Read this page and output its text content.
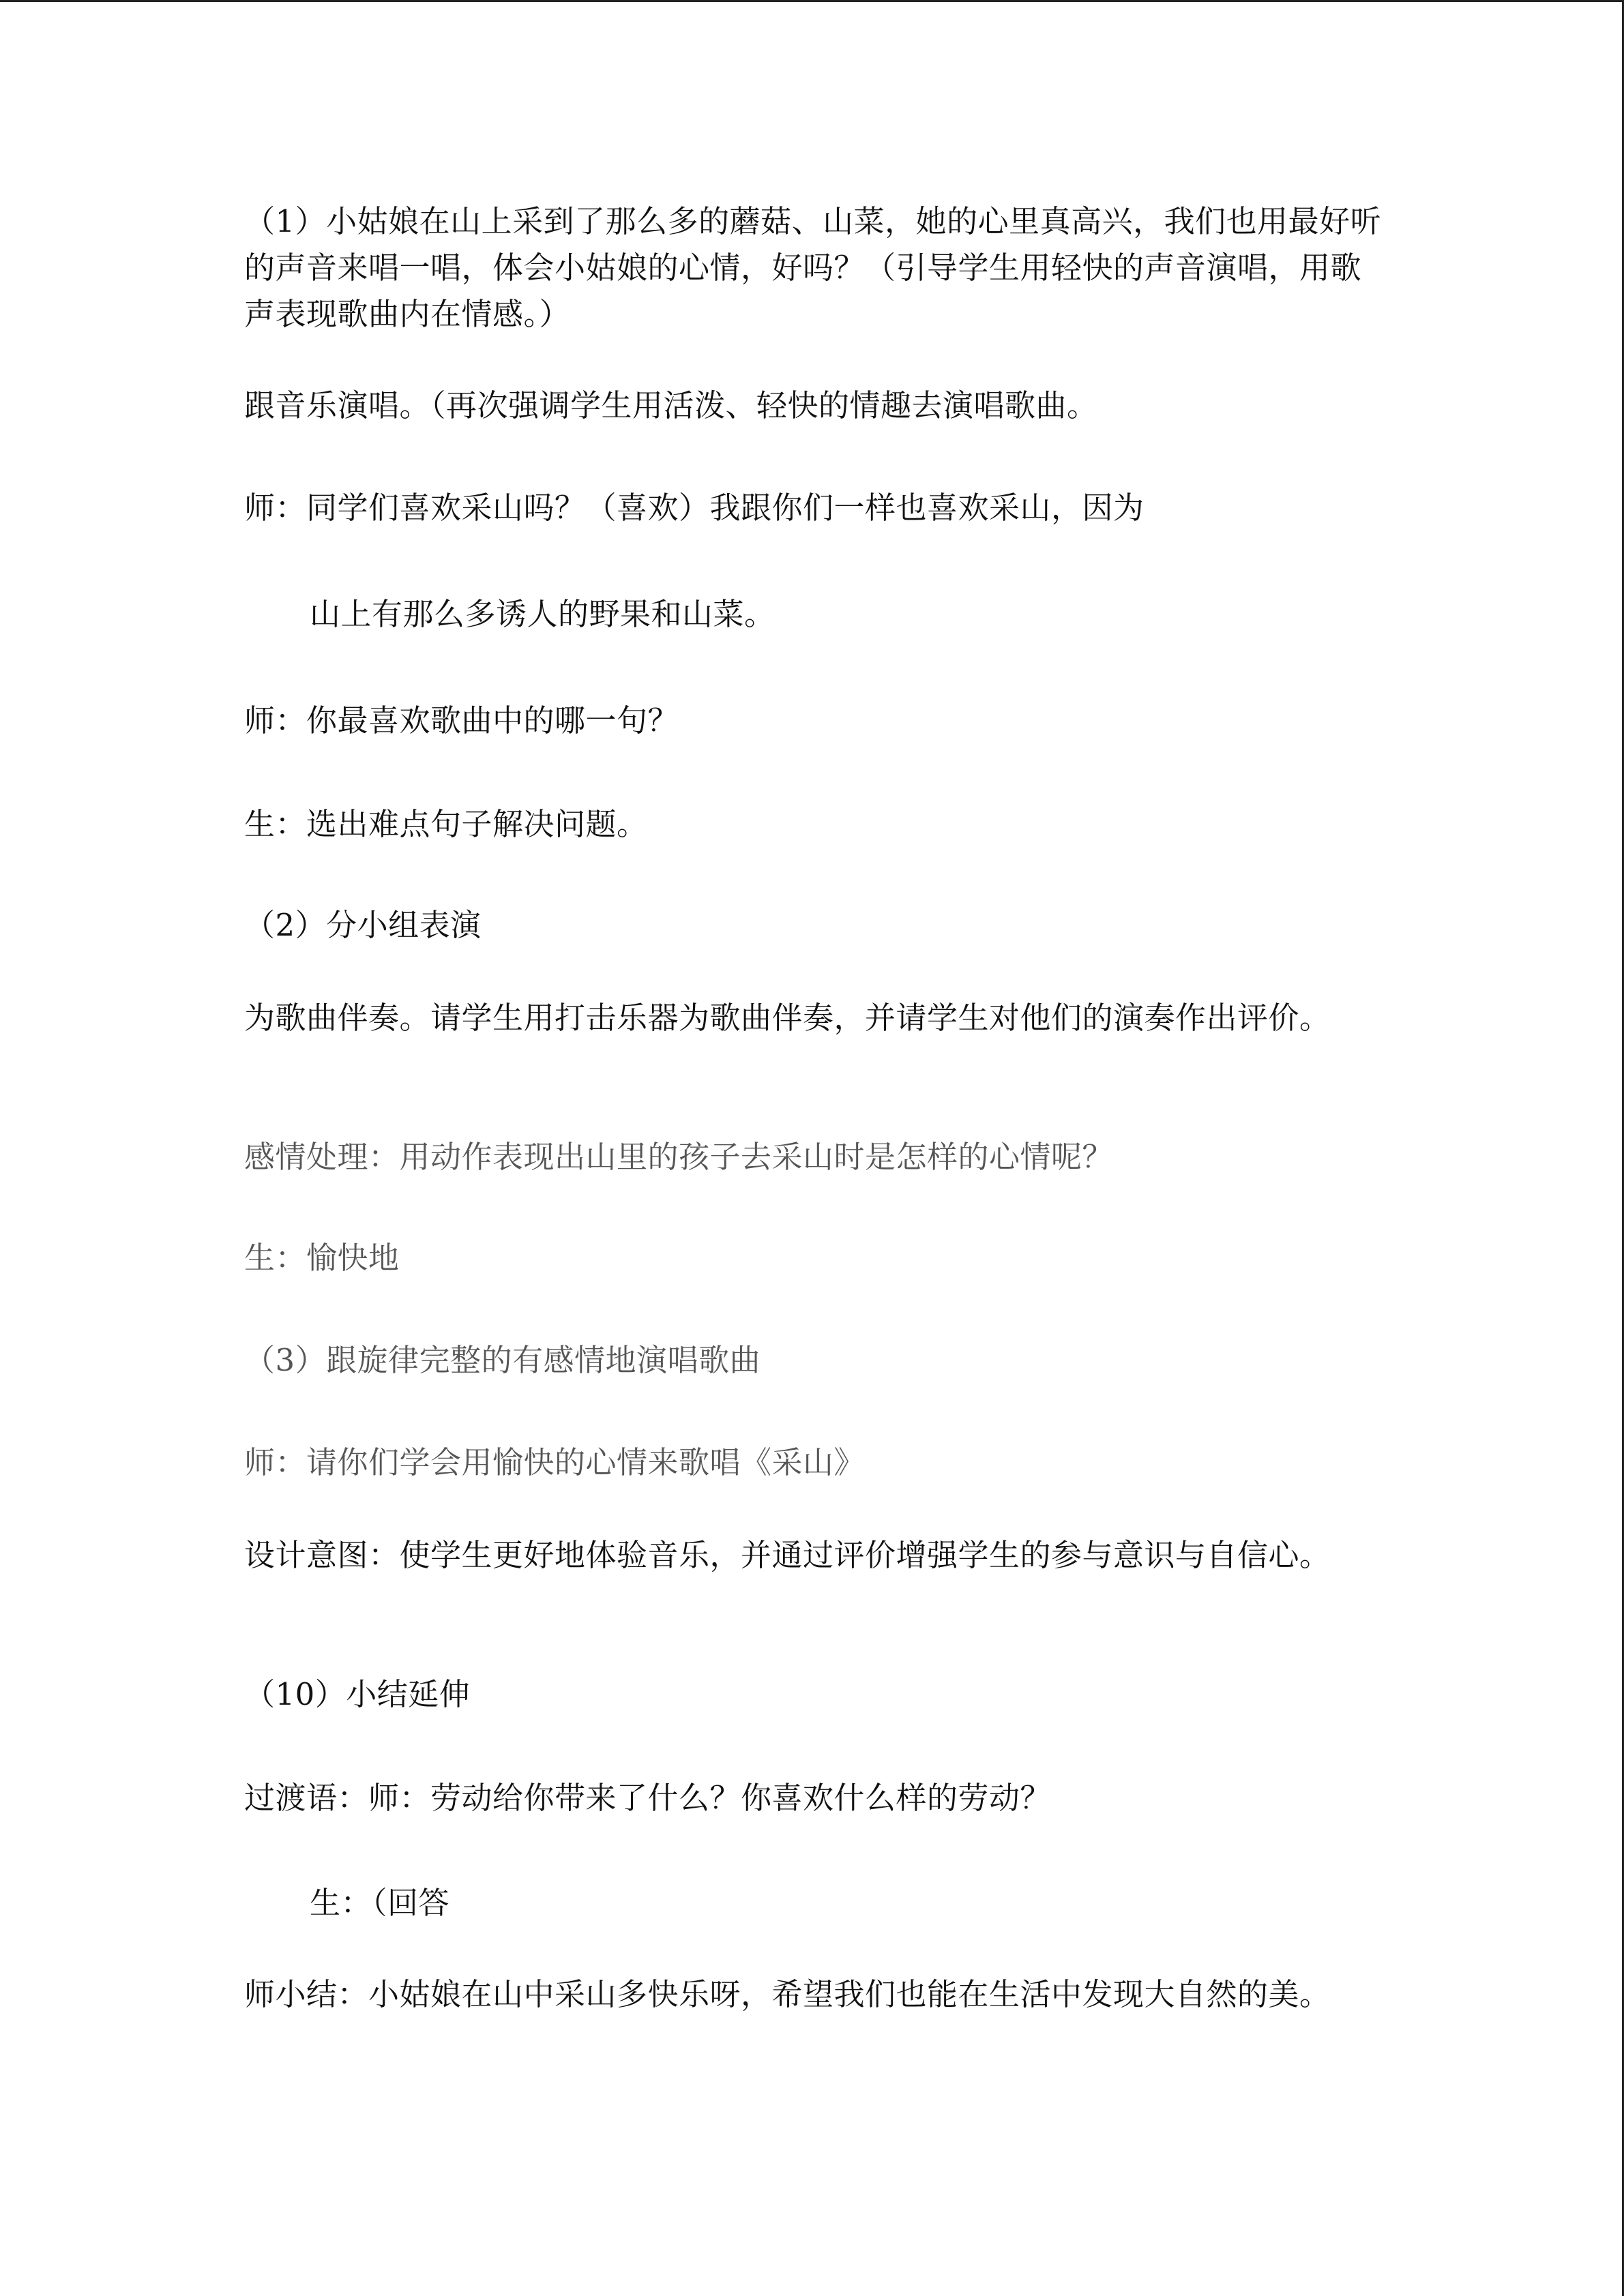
（1）小姑娘在山上采到了那么多的蘑菇、山菜，她的心里真高兴，我们也用最好听的声音来唱一唱，体会小姑娘的心情，好吗？（引导学生用轻快的声音演唱，用歌声表现歌曲内在情感。）
跟音乐演唱。（再次强调学生用活泼、轻快的情趣去演唱歌曲。
师：同学们喜欢采山吗？（喜欢）我跟你们一样也喜欢采山，因为
山上有那么多诱人的野果和山菜。
师：你最喜欢歌曲中的哪一句？
生：选出难点句子解决问题。
（2）分小组表演
为歌曲伴奏。请学生用打击乐器为歌曲伴奏，并请学生对他们的演奏作出评价。
感情处理：用动作表现出山里的孩子去采山时是怎样的心情呢？
生：愉快地
（3）跟旋律完整的有感情地演唱歌曲
师：请你们学会用愉快的心情来歌唱《采山》
设计意图：使学生更好地体验音乐，并通过评价增强学生的参与意识与自信心。
（10）小结延伸
过渡语：师：劳动给你带来了什么？你喜欢什么样的劳动？
生：（回答
师小结：小姑娘在山中采山多快乐呀，希望我们也能在生活中发现大自然的美。
